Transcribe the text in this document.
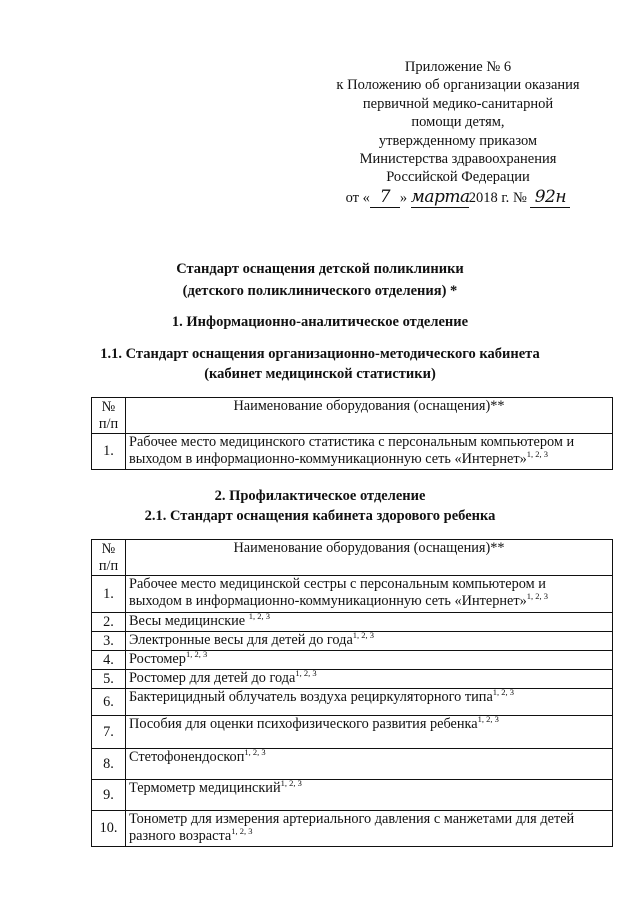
Приложение № 6
к Положению об организации оказания
первичной медико-санитарной
помощи детям,
утвержденному приказом
Министерства здравоохранения
Российской Федерации
от « 7 » марта2018 г. № 92н
Стандарт оснащения детской поликлиники
(детского поликлинического отделения) *
1. Информационно-аналитическое отделение
1.1. Стандарт оснащения организационно-методического кабинета
(кабинет медицинской статистики)
№
п/п	Наименование оборудования (оснащения)**
1.	Рабочее место медицинского статистика с персональным компьютером и
выходом в информационно-коммуникационную сеть «Интернет»$^{1, 2, 3}$
2. Профилактическое отделение
2.1. Стандарт оснащения кабинета здорового ребенка
№
п/п	Наименование оборудования (оснащения)**
1.	Рабочее место медицинской сестры с персональным компьютером и
выходом в информационно-коммуникационную сеть «Интернет»$^{1, 2, 3}$

2.	Весы медицинские $^{1, 2, 3}$
3.	Электронные весы для детей до года$^{1, 2, 3}$
4.	Ростомер$^{1, 2, 3}$
5.	Ростомер для детей до года$^{1, 2, 3}$
6.	Бактерицидный облучатель воздуха рециркуляторного типа$^{1, 2, 3}$
7.	Пособия для оценки психофизического развития ребенка$^{1, 2, 3}$
8.	Стетофонендоскоп$^{1, 2, 3}$
9.	Термометр медицинский$^{1, 2, 3}$
10.	Тонометр для измерения артериального давления с манжетами для детей
разного возраста$^{1, 2, 3}$
